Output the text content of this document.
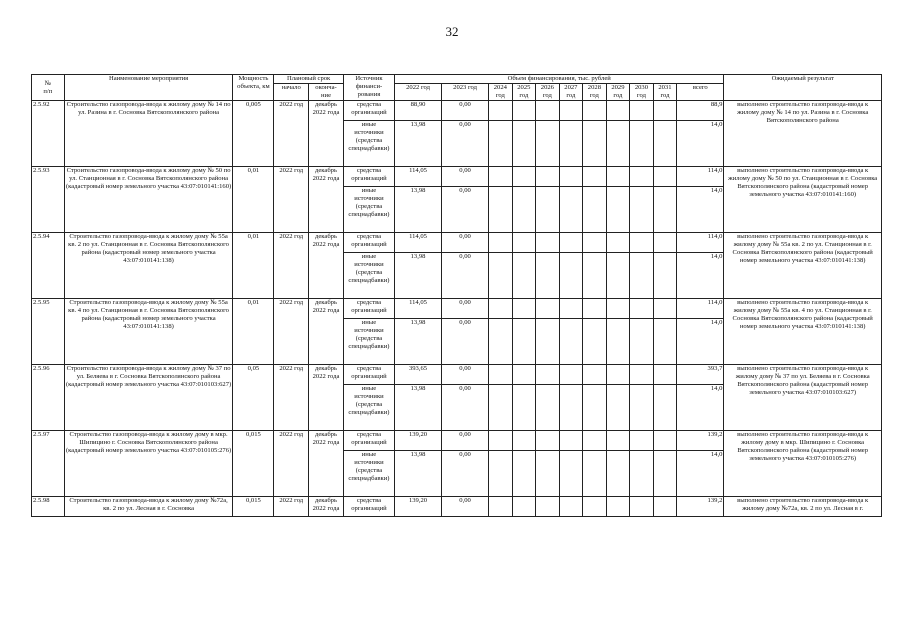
32
№
п/п	Наименование мероприятия	Мощность
объекта, км	Плановый срок		Источник
финанси-
рования	Объем финансирования, тыс. рублей											Ожидаемый результат
			начало	оконча-
ние		2022 год	2023 год	2024
год	2025
год	2026
год	2027
год	2028
год	2029
год	2030
год	2031
год	всего	
2.5.92	Строительство газопровода-ввода к жилому дому № 14 по ул. Разина в г. Сосновка Вятскополянского района	0,005	2022 год	декабрь 2022 года	средства
организаций	88,90	0,00									88,9	выполнено строительство газопровода-ввода к жилому дому № 14 по ул. Разина в г. Сосновка Вятскополянского района
					иные
источники
(средства
спецнадбавки)	13,98	0,00									14,0	
2.5.93	Строительство газопровода-ввода к жилому дому № 50 по ул. Станционная в г. Сосновка Вятскополянского района (кадастровый номер земельного участка 43:07:010141:160)	0,01	2022 год	декабрь 2022 года	средства
организаций	114,05	0,00									114,0	выполнено строительство газопровода-ввода к жилому дому № 50 по ул. Станционная в г. Сосновка Вятскополянского района (кадастровый номер земельного участка 43:07:010141:160)
					иные
источники
(средства
спецнадбавки)	13,98	0,00									14,0	
2.5.94	Строительство газопровода-ввода к жилому дому № 55а кв. 2 по ул. Станционная в г. Сосновка Вятскополянского района (кадастровый номер земельного участка 43:07:010141:138)	0,01	2022 год	декабрь 2022 года	средства
организаций	114,05	0,00									114,0	выполнено строительство газопровода-ввода к жилому дому № 55а кв. 2 по ул. Станционная в г. Сосновка Вятскополянского района (кадастровый номер земельного участка 43:07:010141:138)
					иные
источники
(средства
спецнадбавки)	13,98	0,00									14,0	
2.5.95	Строительство газопровода-ввода к жилому дому № 55а кв. 4 по ул. Станционная в г. Сосновка Вятскополянского района (кадастровый номер земельного участка 43:07:010141:138)	0,01	2022 год	декабрь 2022 года	средства
организаций	114,05	0,00									114,0	выполнено строительство газопровода-ввода к жилому дому № 55а кв. 4 по ул. Станционная в г. Сосновка Вятскополянского района (кадастровый номер земельного участка 43:07:010141:138)
					иные
источники
(средства
спецнадбавки)	13,98	0,00									14,0	
2.5.96	Строительство газопровода-ввода к жилому дому № 37 по ул. Беляева в г. Сосновка Вятскополянского района (кадастровый номер земельного участка 43:07:010103:627)	0,05	2022 год	декабрь 2022 года	средства
организаций	393,65	0,00									393,7	выполнено строительство газопровода-ввода к жилому дому № 37 по ул. Беляева в г. Сосновка Вятскополянского района (кадастровый номер земельного участка 43:07:010103:627)
					иные
источники
(средства
спецнадбавки)	13,98	0,00									14,0	
2.5.97	Строительство газопровода-ввода к жилому дому в мкр. Шипицино г. Сосновка Вятскополянского района (кадастровый номер земельного участка 43:07:010105:276)	0,015	2022 год	декабрь 2022 года	средства
организаций	139,20	0,00									139,2	выполнено строительство газопровода-ввода к жилому дому в мкр. Шипицино г. Сосновка Вятскополянского района (кадастровый номер земельного участка 43:07:010105:276)
					иные
источники
(средства
спецнадбавки)	13,98	0,00									14,0	
2.5.98	Строительство газопровода-ввода к жилому дому №72а, кв. 2 по ул. Лесная в г. Сосновка	0,015	2022 год	декабрь 2022 года	средства
организаций	139,20	0,00									139,2	выполнено строительство газопровода-ввода к жилому дому №72а, кв. 2 по ул. Лесная в г.
